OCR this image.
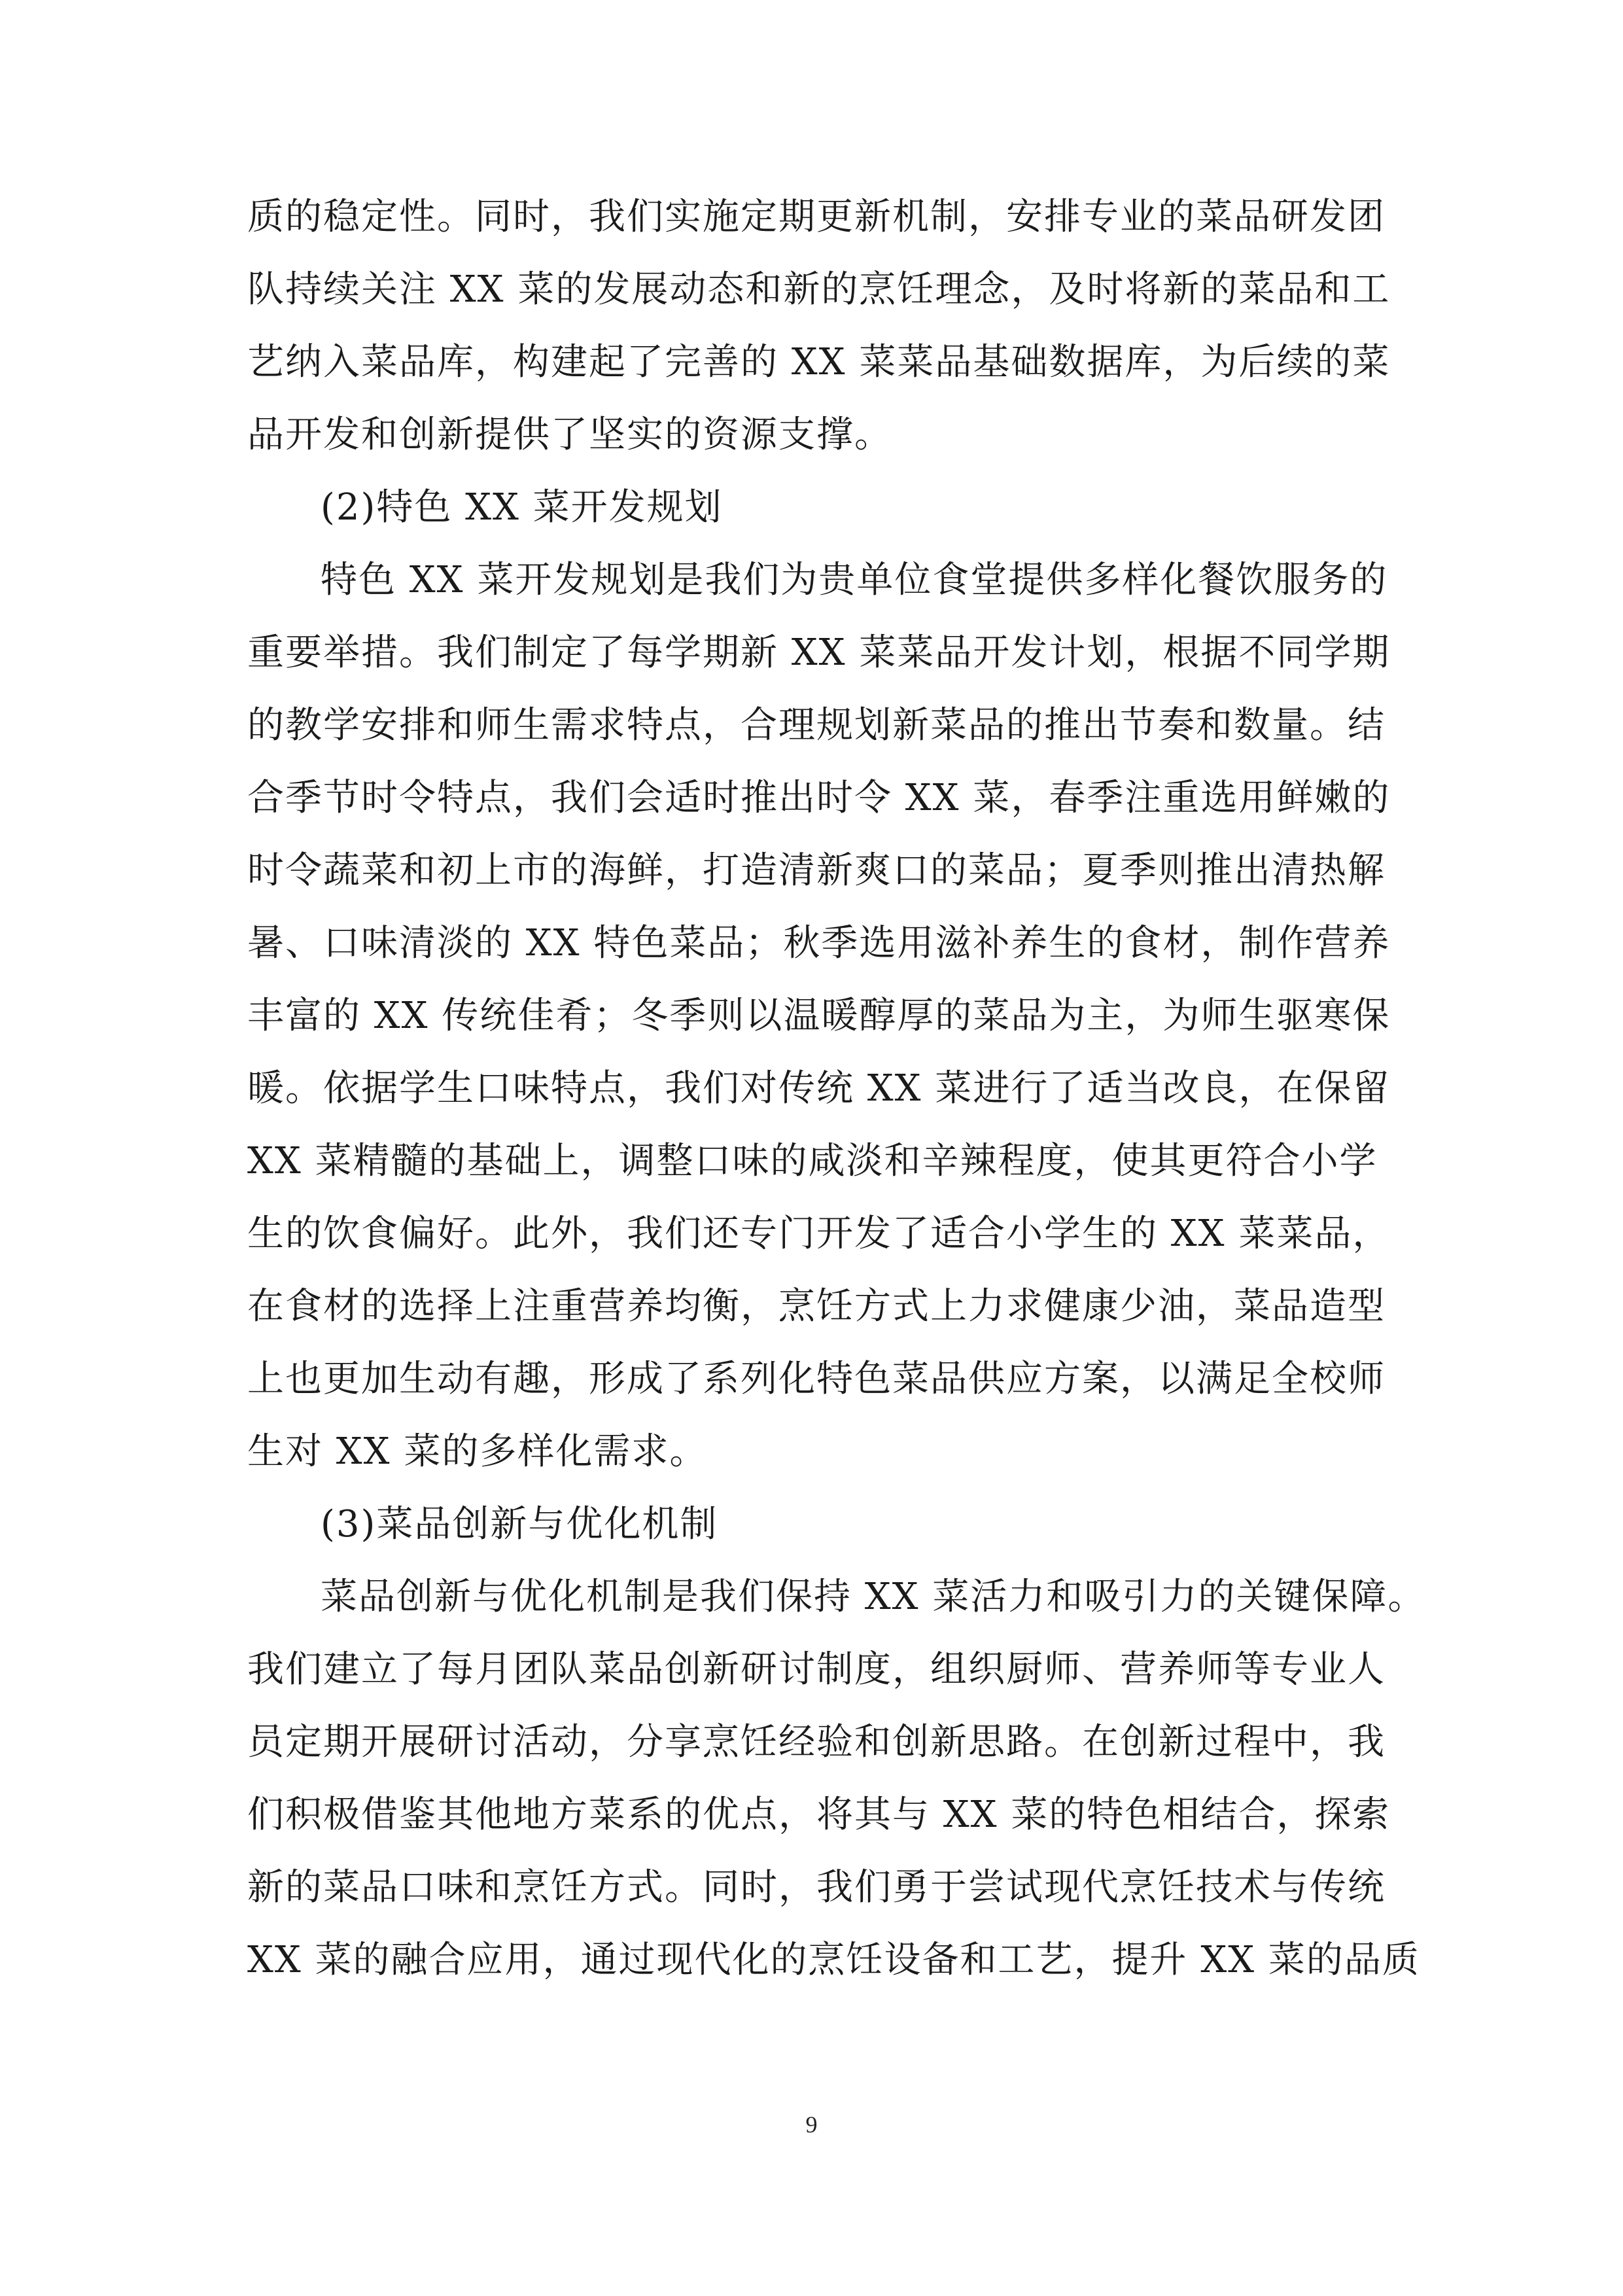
质的稳定性。同时，我们实施定期更新机制，安排专业的菜品研发团
队持续关注 XX 菜的发展动态和新的烹饪理念，及时将新的菜品和工
艺纳入菜品库，构建起了完善的 XX 菜菜品基础数据库，为后续的菜
品开发和创新提供了坚实的资源支撑。
(2)特色 XX 菜开发规划
特色 XX 菜开发规划是我们为贵单位食堂提供多样化餐饮服务的
重要举措。我们制定了每学期新 XX 菜菜品开发计划，根据不同学期
的教学安排和师生需求特点，合理规划新菜品的推出节奏和数量。结
合季节时令特点，我们会适时推出时令 XX 菜，春季注重选用鲜嫩的
时令蔬菜和初上市的海鲜，打造清新爽口的菜品；夏季则推出清热解
暑、口味清淡的 XX 特色菜品；秋季选用滋补养生的食材，制作营养
丰富的 XX 传统佳肴；冬季则以温暖醇厚的菜品为主，为师生驱寒保
暖。依据学生口味特点，我们对传统 XX 菜进行了适当改良，在保留
XX 菜精髓的基础上，调整口味的咸淡和辛辣程度，使其更符合小学
生的饮食偏好。此外，我们还专门开发了适合小学生的 XX 菜菜品，
在食材的选择上注重营养均衡，烹饪方式上力求健康少油，菜品造型
上也更加生动有趣，形成了系列化特色菜品供应方案，以满足全校师
生对 XX 菜的多样化需求。
(3)菜品创新与优化机制
菜品创新与优化机制是我们保持 XX 菜活力和吸引力的关键保障。
我们建立了每月团队菜品创新研讨制度，组织厨师、营养师等专业人
员定期开展研讨活动，分享烹饪经验和创新思路。在创新过程中，我
们积极借鉴其他地方菜系的优点，将其与 XX 菜的特色相结合，探索
新的菜品口味和烹饪方式。同时，我们勇于尝试现代烹饪技术与传统
XX 菜的融合应用，通过现代化的烹饪设备和工艺，提升 XX 菜的品质
9
